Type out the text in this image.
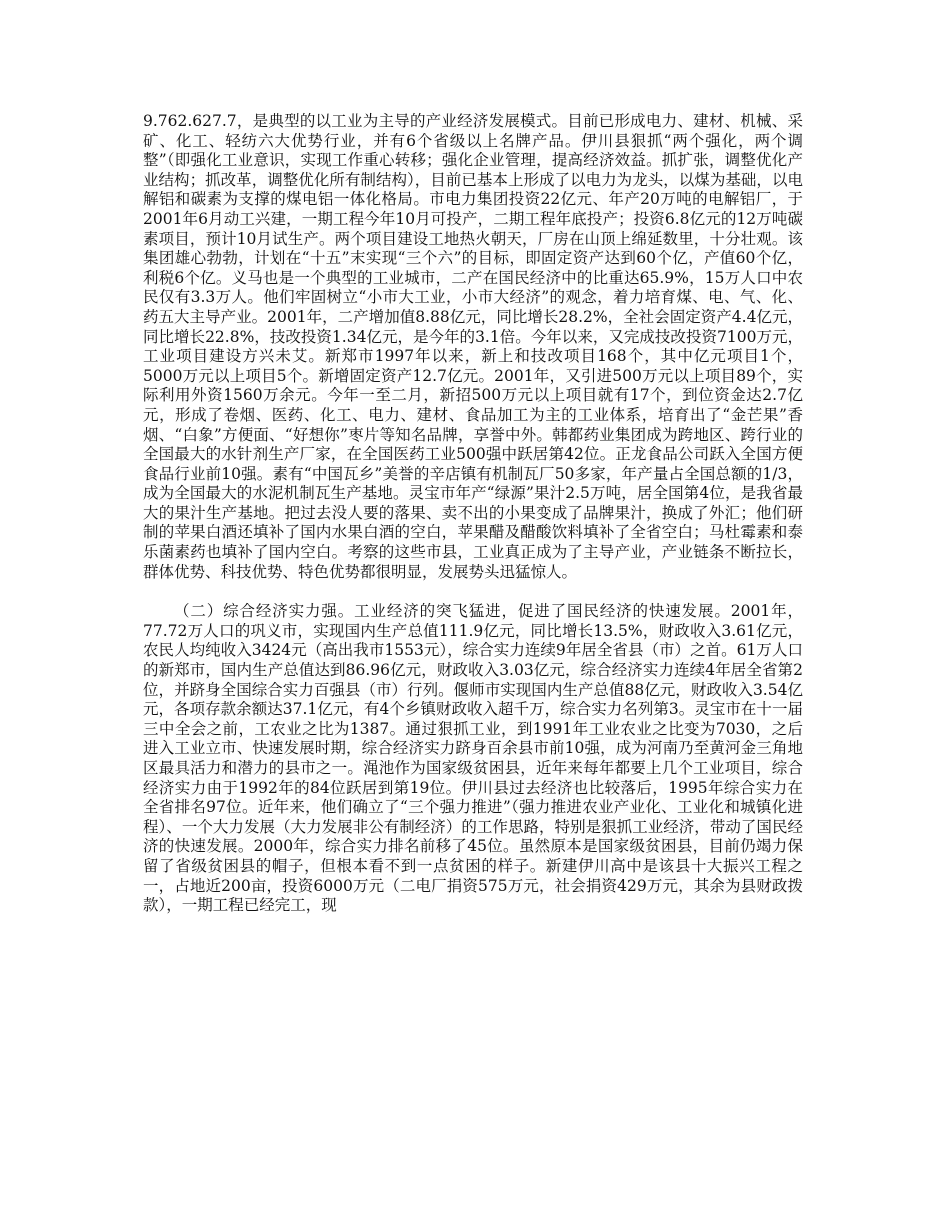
9.762.627.7，是典型的以工业为主导的产业经济发展模式。目前已形成电力、建材、机械、采矿、化工、轻纺六大优势行业，并有6个省级以上名牌产品。伊川县狠抓“两个强化，两个调整”（即强化工业意识，实现工作重心转移；强化企业管理，提高经济效益。抓扩张，调整优化产业结构；抓改革，调整优化所有制结构），目前已基本上形成了以电力为龙头，以煤为基础，以电解铝和碳素为支撑的煤电铝一体化格局。市电力集团投资22亿元、年产20万吨的电解铝厂，于2001年6月动工兴建，一期工程今年10月可投产，二期工程年底投产；投资6.8亿元的12万吨碳素项目，预计10月试生产。两个项目建设工地热火朝天，厂房在山顶上绵延数里，十分壮观。该集团雄心勃勃，计划在“十五”末实现“三个六”的目标，即固定资产达到60个亿，产值60个亿，利税6个亿。义马也是一个典型的工业城市，二产在国民经济中的比重达65.9%，15万人口中农民仅有3.3万人。他们牢固树立“小市大工业，小市大经济”的观念，着力培育煤、电、气、化、药五大主导产业。2001年，二产增加值8.88亿元，同比增长28.2%，全社会固定资产4.4亿元，同比增长22.8%，技改投资1.34亿元，是今年的3.1倍。今年以来，又完成技改投资7100万元，工业项目建设方兴未艾。新郑市1997年以来，新上和技改项目168个，其中亿元项目1个，5000万元以上项目5个。新增固定资产12.7亿元。2001年，又引进500万元以上项目89个，实际利用外资1560万余元。今年一至二月，新招500万元以上项目就有17个，到位资金达2.7亿元，形成了卷烟、医药、化工、电力、建材、食品加工为主的工业体系，培育出了“金芒果”香烟、“白象”方便面、“好想你”枣片等知名品牌，享誉中外。韩都药业集团成为跨地区、跨行业的全国最大的水针剂生产厂家，在全国医药工业500强中跃居第42位。正龙食品公司跃入全国方便食品行业前10强。素有“中国瓦乡”美誉的辛店镇有机制瓦厂50多家，年产量占全国总额的1/3，成为全国最大的水泥机制瓦生产基地。灵宝市年产“绿源”果汁2.5万吨，居全国第4位，是我省最大的果汁生产基地。把过去没人要的落果、卖不出的小果变成了品牌果汁，换成了外汇；他们研制的苹果白酒还填补了国内水果白酒的空白，苹果醋及醋酸饮料填补了全省空白；马杜霉素和泰乐菌素药也填补了国内空白。考察的这些市县，工业真正成为了主导产业，产业链条不断拉长，群体优势、科技优势、特色优势都很明显，发展势头迅猛惊人。

（二）综合经济实力强。工业经济的突飞猛进，促进了国民经济的快速发展。2001年，77.72万人口的巩义市，实现国内生产总值111.9亿元，同比增长13.5%，财政收入3.61亿元，农民人均纯收入3424元（高出我市1553元），综合实力连续9年居全省县（市）之首。61万人口的新郑市，国内生产总值达到86.96亿元，财政收入3.03亿元，综合经济实力连续4年居全省第2位，并跻身全国综合实力百强县（市）行列。偃师市实现国内生产总值88亿元，财政收入3.54亿元，各项存款余额达37.1亿元，有4个乡镇财政收入超千万，综合实力名列第3。灵宝市在十一届三中全会之前，工农业之比为1387。通过狠抓工业，到1991年工业农业之比变为7030，之后进入工业立市、快速发展时期，综合经济实力跻身百余县市前10强，成为河南乃至黄河金三角地区最具活力和潜力的县市之一。渑池作为国家级贫困县，近年来每年都要上几个工业项目，综合经济实力由于1992年的84位跃居到第19位。伊川县过去经济也比较落后，1995年综合实力在全省排名97位。近年来，他们确立了“三个强力推进”（强力推进农业产业化、工业化和城镇化进程）、一个大力发展（大力发展非公有制经济）的工作思路，特别是狠抓工业经济，带动了国民经济的快速发展。2000年，综合实力排名前移了45位。虽然原本是国家级贫困县，目前仍竭力保留了省级贫困县的帽子，但根本看不到一点贫困的样子。新建伊川高中是该县十大振兴工程之一，占地近200亩，投资6000万元（二电厂捐资575万元，社会捐资429万元，其余为县财政拨款），一期工程已经完工，现
